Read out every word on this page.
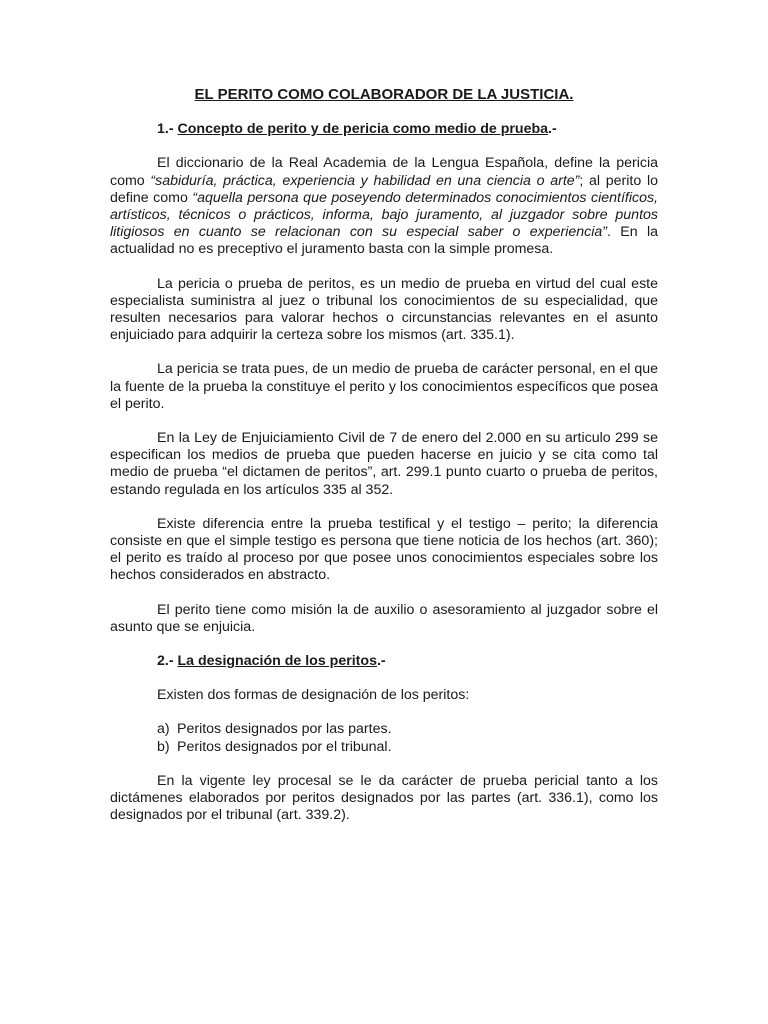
EL PERITO COMO COLABORADOR DE LA JUSTICIA.
1.- Concepto de perito y de pericia como medio de prueba.-

El diccionario de la Real Academia de la Lengua Española, define la pericia como “sabiduría, práctica, experiencia y habilidad en una ciencia o arte”; al perito lo define como “aquella persona que poseyendo determinados conocimientos científicos, artísticos, técnicos o prácticos, informa, bajo juramento, al juzgador sobre puntos litigiosos en cuanto se relacionan con su especial saber o experiencia”. En la actualidad no es preceptivo el juramento basta con la simple promesa.

La pericia o prueba de peritos, es un medio de prueba en virtud del cual este especialista suministra al juez o tribunal los conocimientos de su especialidad, que resulten necesarios para valorar hechos o circunstancias relevantes en el asunto enjuiciado para adquirir la certeza sobre los mismos (art. 335.1).

La pericia se trata pues, de un medio de prueba de carácter personal, en el que la fuente de la prueba la constituye el perito y los conocimientos específicos que posea el perito.

En la Ley de Enjuiciamiento Civil de 7 de enero del 2.000 en su articulo 299 se especifican los medios de prueba que pueden hacerse en juicio y se cita como tal medio de prueba “el dictamen de peritos”, art. 299.1 punto cuarto o prueba de peritos, estando regulada en los artículos 335 al 352.

Existe diferencia entre la prueba testifical y el testigo – perito; la diferencia consiste en que el simple testigo es persona que tiene noticia de los hechos (art. 360); el perito es traído al proceso por que posee unos conocimientos especiales sobre los hechos considerados en abstracto.

El perito tiene como misión la de auxilio o asesoramiento al juzgador sobre el asunto que se enjuicia.

2.- La designación de los peritos.-

Existen dos formas de designación de los peritos:

a) Peritos designados por las partes.
b) Peritos designados por el tribunal.

En la vigente ley procesal se le da carácter de prueba pericial tanto a los dictámenes elaborados por peritos designados por las partes (art. 336.1), como los designados por el tribunal (art. 339.2).
